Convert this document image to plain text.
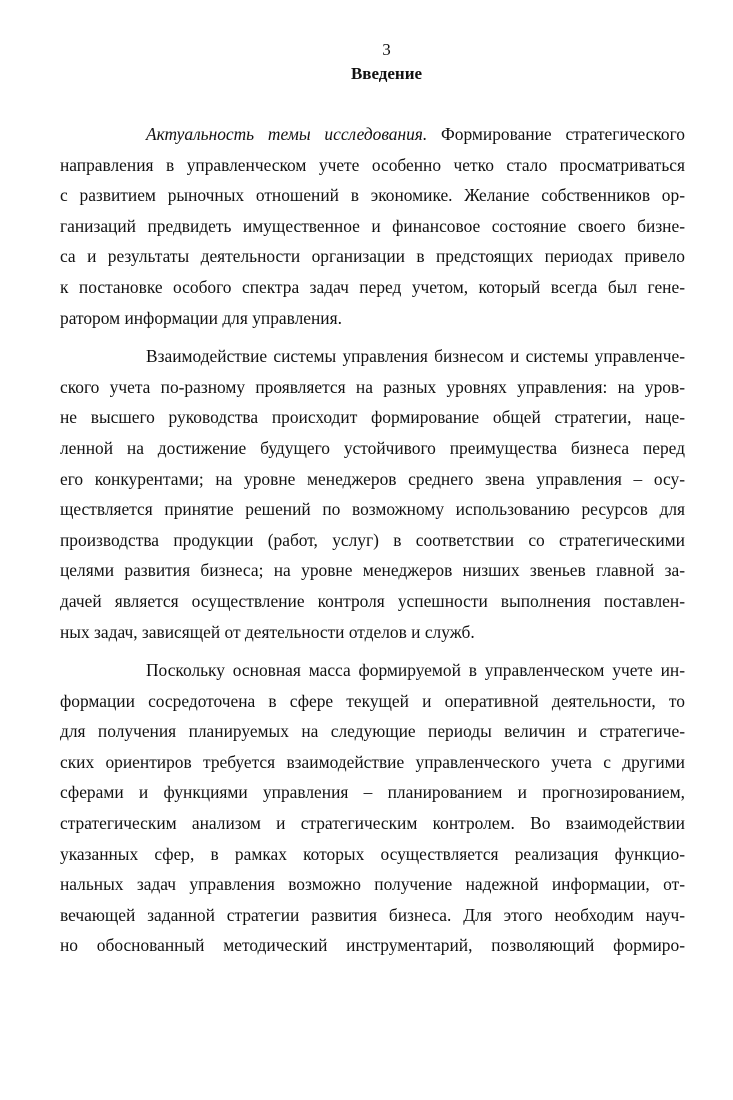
3
Введение

Актуальность темы исследования. Формирование стратегического
направления в управленческом учете особенно четко стало просматриваться
с развитием рыночных отношений в экономике. Желание собственников ор-
ганизаций предвидеть имущественное и финансовое состояние своего бизне-
са и результаты деятельности организации в предстоящих периодах привело
к постановке особого спектра задач перед учетом, который всегда был гене-
ратором информации для управления.

Взаимодействие системы управления бизнесом и системы управленче-
ского учета по-разному проявляется на разных уровнях управления: на уров-
не высшего руководства происходит формирование общей стратегии, наце-
ленной на достижение будущего устойчивого преимущества бизнеса перед
его конкурентами; на уровне менеджеров среднего звена управления – осу-
ществляется принятие решений по возможному использованию ресурсов для
производства продукции (работ, услуг) в соответствии со стратегическими
целями развития бизнеса; на уровне менеджеров низших звеньев главной за-
дачей является осуществление контроля успешности выполнения поставлен-
ных задач, зависящей от деятельности отделов и служб.

Поскольку основная масса формируемой в управленческом учете ин-
формации сосредоточена в сфере текущей и оперативной деятельности, то
для получения планируемых на следующие периоды величин и стратегиче-
ских ориентиров требуется взаимодействие управленческого учета с другими
сферами и функциями управления – планированием и прогнозированием,
стратегическим анализом и стратегическим контролем. Во взаимодействии
указанных сфер, в рамках которых осуществляется реализация функцио-
нальных задач управления возможно получение надежной информации, от-
вечающей заданной стратегии развития бизнеса. Для этого необходим науч-
но обоснованный методический инструментарий, позволяющий формиро-
